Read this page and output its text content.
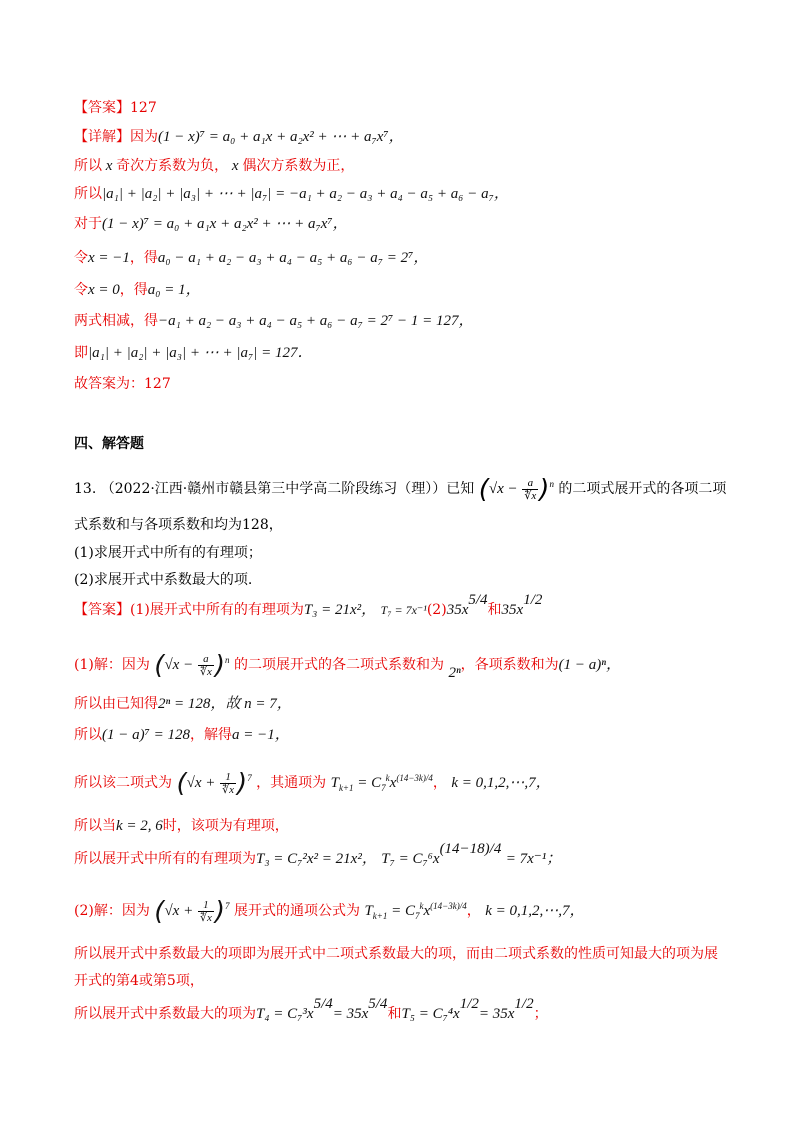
【答案】127
【详解】因为(1 − x)⁷ = a₀ + a₁x + a₂x² + ⋯ + a₇x⁷，
所以 x 奇次方系数为负， x 偶次方系数为正，
所以|a₁| + |a₂| + |a₃| + ⋯ + |a₇| = −a₁ + a₂ − a₃ + a₄ − a₅ + a₆ − a₇，
对于(1 − x)⁷ = a₀ + a₁x + a₂x² + ⋯ + a₇x⁷，
令x = −1，得a₀ − a₁ + a₂ − a₃ + a₄ − a₅ + a₆ − a₇ = 2⁷，
令x = 0，得a₀ = 1，
两式相减，得−a₁ + a₂ − a₃ + a₄ − a₅ + a₆ − a₇ = 2⁷ − 1 = 127，
即|a₁| + |a₂| + |a₃| + ⋯ + |a₇| = 127．
故答案为：127
四、解答题
13. （2022·江西·赣州市赣县第三中学高二阶段练习（理））已知 $(√x - \frac{a}{∜x} )^n$ 的二项式展开式的各项二项
式系数和与各项系数和均为128，
(1)求展开式中所有的有理项；
(2)求展开式中系数最大的项.
【答案】(1)展开式中所有的有理项为T₃ = 21x²， $T_7 = 7x^{-1}(2)35x^{5/4}$和$35x^{1/2}$
(1)解：因为 $(√x - \frac{a}{∜x} )^n$ 的二项展开式的各二项式系数和为 2ⁿ，各项系数和为(1 − a)ⁿ，
所以由已知得2ⁿ = 128，故 n = 7，
所以(1 − a)⁷ = 128，解得a = −1，
所以该二项式为 $(√x + \frac{1}{∜x} )^7$ ，其通项为 $T_{k+1} = C_7^kx^{(14-3k)/4}$， k = 0,1,2,⋯,7，
所以当k = 2, 6时，该项为有理项，
所以展开式中所有的有理项为T₃ = C₇²x² = 21x²， $T_7 = C_7^6x^{(14-18)/4} = 7x^{-1}$；
(2)解：因为 $(√x + \frac{1}{∜x} )^7$ 展开式的通项公式为 $T_{k+1} = C_7^kx^{(14-3k)/4}$， k = 0,1,2,⋯,7，
所以展开式中系数最大的项即为展开式中二项式系数最大的项，而由二项式系数的性质可知最大的项为展
开式的第4或第5项，
所以展开式中系数最大的项为$T_4 = C_7^3x^{5/4}= 35x^{5/4}$和$T_5 = C_7^4x^{1/2}= 35x^{1/2}$；
